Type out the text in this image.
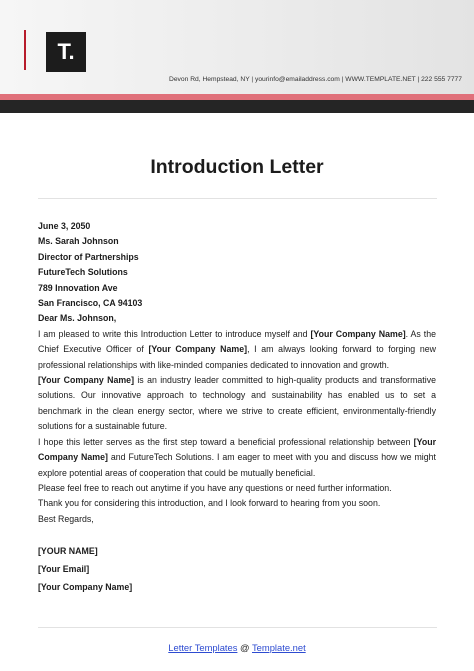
T.
Devon Rd, Hempstead, NY | yourinfo@emailaddress.com | WWW.TEMPLATE.NET | 222 555 7777
Introduction Letter
June 3, 2050
Ms. Sarah Johnson
Director of Partnerships
FutureTech Solutions
789 Innovation Ave
San Francisco, CA 94103
Dear Ms. Johnson,

I am pleased to write this Introduction Letter to introduce myself and [Your Company Name]. As the Chief Executive Officer of [Your Company Name], I am always looking forward to forging new professional relationships with like-minded companies dedicated to innovation and growth.

[Your Company Name] is an industry leader committed to high-quality products and transformative solutions. Our innovative approach to technology and sustainability has enabled us to set a benchmark in the clean energy sector, where we strive to create efficient, environmentally-friendly solutions for a sustainable future.

I hope this letter serves as the first step toward a beneficial professional relationship between [Your Company Name] and FutureTech Solutions. I am eager to meet with you and discuss how we might explore potential areas of cooperation that could be mutually beneficial.

Please feel free to reach out anytime if you have any questions or need further information.

Thank you for considering this introduction, and I look forward to hearing from you soon.

Best Regards,
[YOUR NAME]
[Your Email]
[Your Company Name]
Letter Templates @ Template.net
